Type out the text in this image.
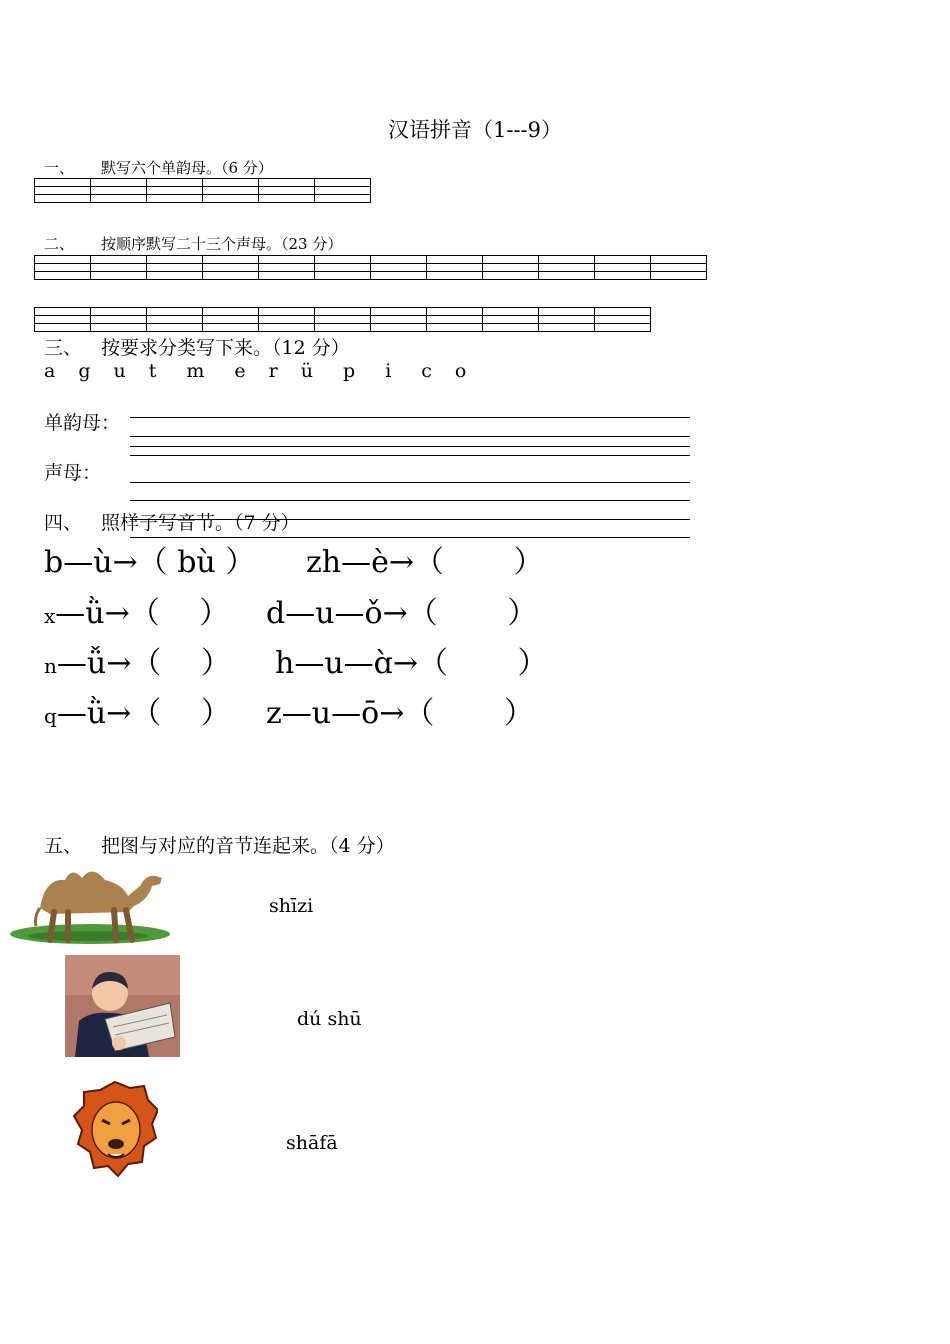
汉语拼音（1---9）
一、 默写六个单韵母。（6 分）

二、 按顺序默写二十三个声母。（23 分）

三、 按要求分类写下来。（12 分）
a g u t m e r ü p i c o
单韵母：
声母：
四、 照样子写音节。（7 分）
b—ù→（ bù ） zh—è→（　　 ）
x—ǜ→（　 ） d—u—ǒ→（　　 ）
n—ǚ→（　 ） h—u—ɑ̀→（　　 ）
q—ǜ→（　 ） z—u—ō→（　　 ）
五、 把图与对应的音节连起来。（4 分）
shīzi
dú shū
shāfā
